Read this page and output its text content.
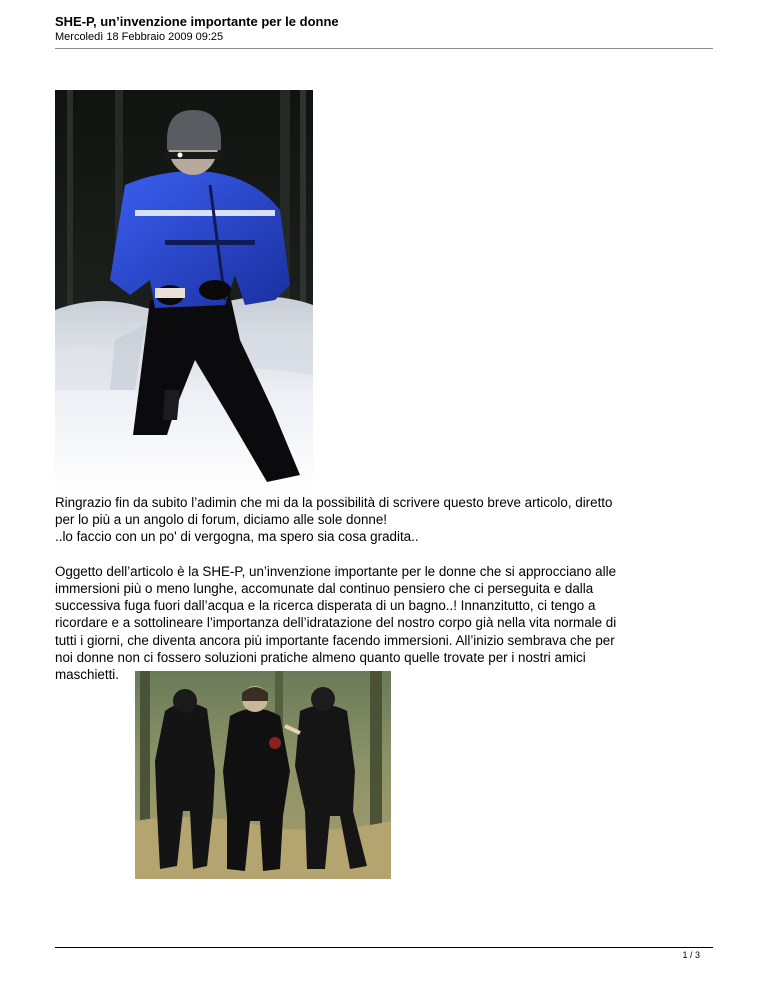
SHE-P, un’invenzione importante per le donne
Mercoledì 18 Febbraio 2009 09:25

Ringrazio fin da subito l’adimin che mi da la possibilità di scrivere questo breve articolo, diretto

per lo più a un angolo di forum, diciamo alle sole donne!

..lo faccio con un po' di vergogna, ma spero sia cosa gradita..

Oggetto dell’articolo è la SHE-P, un’invenzione importante per le donne che si approcciano alle

immersioni più o meno lunghe, accomunate dal continuo pensiero che ci perseguita e dalla

successiva fuga fuori dall’acqua e la ricerca disperata di un bagno..! Innanzitutto, ci tengo a

ricordare e a sottolineare l’importanza dell’idratazione del nostro corpo già nella vita normale di

tutti i giorni, che diventa ancora più importante facendo immersioni. All’inizio sembrava che per

noi donne non ci fossero soluzioni pratiche almeno quanto quelle trovate per i nostri amici

maschietti.

1 / 3
